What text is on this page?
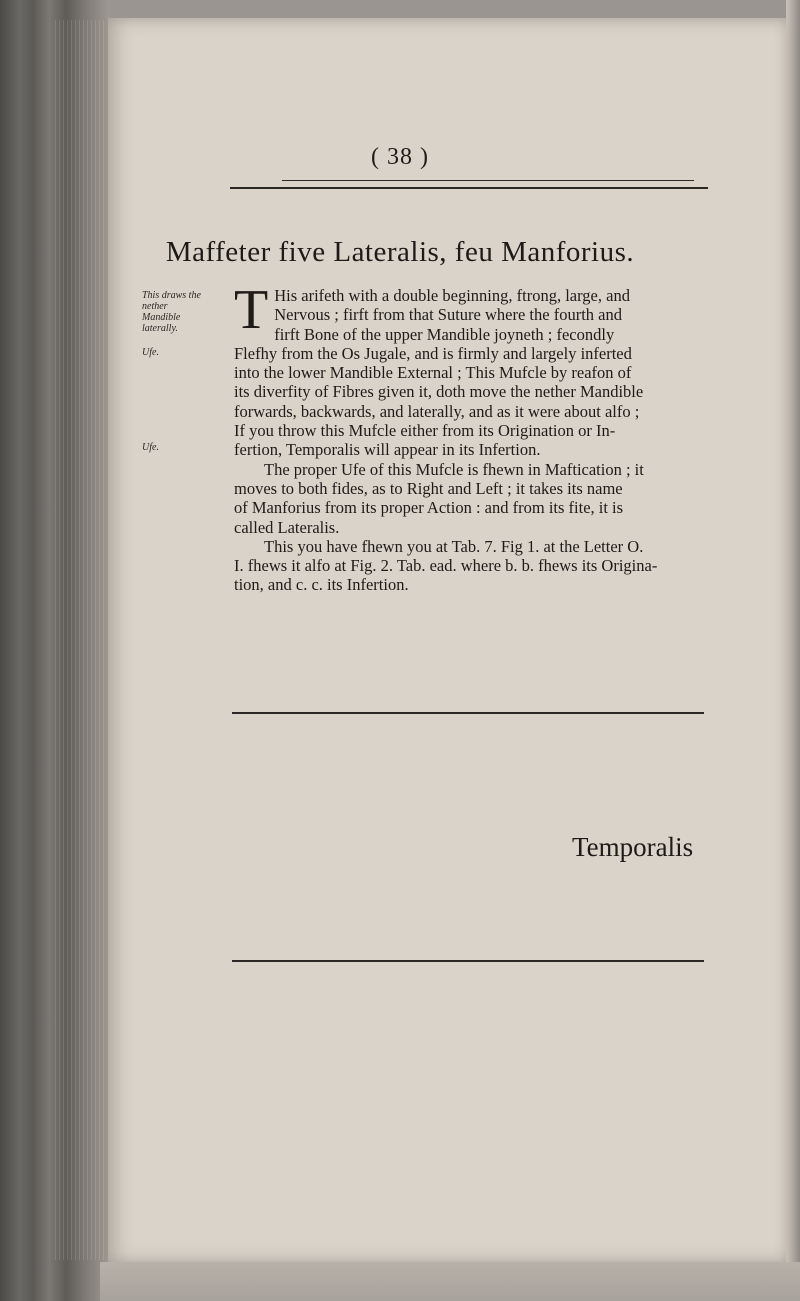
( 38 )
Maffeter five Lateralis, feu Manforius.
This draws the nether Mandible laterally.
Ufe.
Ufe.

T His arifeth with a double beginning, ftrong, large, and
Nervous ; firft from that Suture where the fourth and
firft Bone of the upper Mandible joyneth ; fecondly
Flefhy from the Os Jugale, and is firmly and largely inferted
into the lower Mandible External ; This Mufcle by reafon of
its diverfity of Fibres given it, doth move the nether Mandible
forwards, backwards, and laterally, and as it were about alfo ;
If you throw this Mufcle either from its Origination or In-
fertion, Temporalis will appear in its Infertion.

The proper Ufe of this Mufcle is fhewn in Maftication ; it
moves to both fides, as to Right and Left ; it takes its name
of Manforius from its proper Action : and from its fite, it is
called Lateralis.

This you have fhewn you at Tab. 7. Fig 1. at the Letter O.
I. fhews it alfo at Fig. 2. Tab. ead. where b. b. fhews its Origina-
tion, and c. c. its Infertion.

Temporalis
